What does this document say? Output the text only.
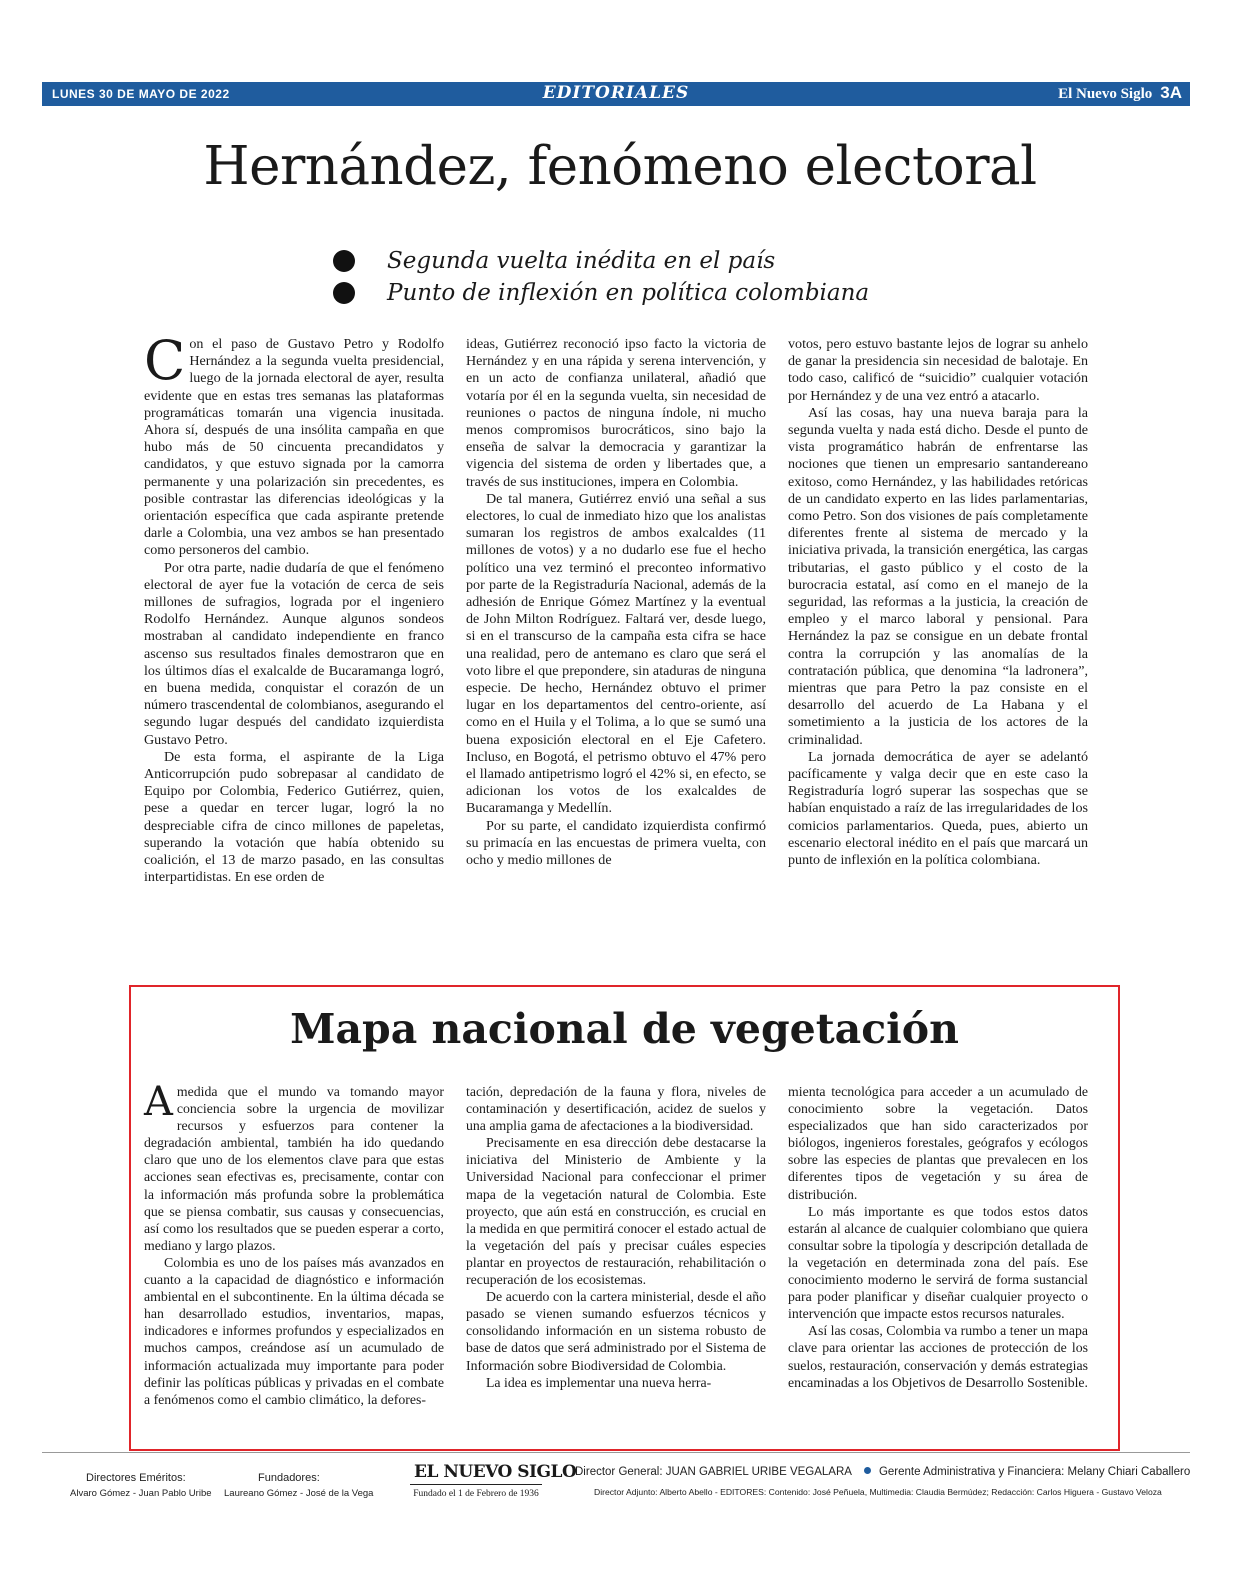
LUNES 30 DE MAYO DE 2022	EDITORIALES	El Nuevo Siglo 3A
Hernández, fenómeno electoral
Segunda vuelta inédita en el país
Punto de inflexión en política colombiana

Con el paso de Gustavo Petro y Rodolfo Hernández a la segunda vuelta presidencial, luego de la jornada electoral de ayer, resulta evidente que en estas tres semanas las plataformas programáticas tomarán una vigencia inusitada. Ahora sí, después de una insólita campaña en que hubo más de 50 cincuenta precandidatos y candidatos, y que estuvo signada por la camorra permanente y una polarización sin precedentes, es posible contrastar las diferencias ideológicas y la orientación específica que cada aspirante pretende darle a Colombia, una vez ambos se han presentado como personeros del cambio.

Por otra parte, nadie dudaría de que el fenómeno electoral de ayer fue la votación de cerca de seis millones de sufragios, lograda por el ingeniero Rodolfo Hernández. Aunque algunos sondeos mostraban al candidato independiente en franco ascenso sus resultados finales demostraron que en los últimos días el exalcalde de Bucaramanga logró, en buena medida, conquistar el corazón de un número trascendental de colombianos, asegurando el segundo lugar después del candidato izquierdista Gustavo Petro.

De esta forma, el aspirante de la Liga Anticorrupción pudo sobrepasar al candidato de Equipo por Colombia, Federico Gutiérrez, quien, pese a quedar en tercer lugar, logró la no despreciable cifra de cinco millones de papeletas, superando la votación que había obtenido su coalición, el 13 de marzo pasado, en las consultas interpartidistas. En ese orden de

ideas, Gutiérrez reconoció ipso facto la victoria de Hernández y en una rápida y serena intervención, y en un acto de confianza unilateral, añadió que votaría por él en la segunda vuelta, sin necesidad de reuniones o pactos de ninguna índole, ni mucho menos compromisos burocráticos, sino bajo la enseña de salvar la democracia y garantizar la vigencia del sistema de orden y libertades que, a través de sus instituciones, impera en Colombia.

De tal manera, Gutiérrez envió una señal a sus electores, lo cual de inmediato hizo que los analistas sumaran los registros de ambos exalcaldes (11 millones de votos) y a no dudarlo ese fue el hecho político una vez terminó el preconteo informativo por parte de la Registraduría Nacional, además de la adhesión de Enrique Gómez Martínez y la eventual de John Milton Rodríguez. Faltará ver, desde luego, si en el transcurso de la campaña esta cifra se hace una realidad, pero de antemano es claro que será el voto libre el que prepondere, sin ataduras de ninguna especie. De hecho, Hernández obtuvo el primer lugar en los departamentos del centro-oriente, así como en el Huila y el Tolima, a lo que se sumó una buena exposición electoral en el Eje Cafetero. Incluso, en Bogotá, el petrismo obtuvo el 47% pero el llamado antipetrismo logró el 42% si, en efecto, se adicionan los votos de los exalcaldes de Bucaramanga y Medellín.

Por su parte, el candidato izquierdista confirmó su primacía en las encuestas de primera vuelta, con ocho y medio millones de

votos, pero estuvo bastante lejos de lograr su anhelo de ganar la presidencia sin necesidad de balotaje. En todo caso, calificó de “suicidio” cualquier votación por Hernández y de una vez entró a atacarlo.

Así las cosas, hay una nueva baraja para la segunda vuelta y nada está dicho. Desde el punto de vista programático habrán de enfrentarse las nociones que tienen un empresario santandereano exitoso, como Hernández, y las habilidades retóricas de un candidato experto en las lides parlamentarias, como Petro. Son dos visiones de país completamente diferentes frente al sistema de mercado y la iniciativa privada, la transición energética, las cargas tributarias, el gasto público y el costo de la burocracia estatal, así como en el manejo de la seguridad, las reformas a la justicia, la creación de empleo y el marco laboral y pensional. Para Hernández la paz se consigue en un debate frontal contra la corrupción y las anomalías de la contratación pública, que denomina “la ladronera”, mientras que para Petro la paz consiste en el desarrollo del acuerdo de La Habana y el sometimiento a la justicia de los actores de la criminalidad.

La jornada democrática de ayer se adelantó pacíficamente y valga decir que en este caso la Registraduría logró superar las sospechas que se habían enquistado a raíz de las irregularidades de los comicios parlamentarios. Queda, pues, abierto un escenario electoral inédito en el país que marcará un punto de inflexión en la política colombiana.

Mapa nacional de vegetación

Amedida que el mundo va tomando mayor conciencia sobre la urgencia de movilizar recursos y esfuerzos para contener la degradación ambiental, también ha ido quedando claro que uno de los elementos clave para que estas acciones sean efectivas es, precisamente, contar con la información más profunda sobre la problemática que se piensa combatir, sus causas y consecuencias, así como los resultados que se pueden esperar a corto, mediano y largo plazos.

Colombia es uno de los países más avanzados en cuanto a la capacidad de diagnóstico e información ambiental en el subcontinente. En la última década se han desarrollado estudios, inventarios, mapas, indicadores e informes profundos y especializados en muchos campos, creándose así un acumulado de información actualizada muy importante para poder definir las políticas públicas y privadas en el combate a fenómenos como el cambio climático, la defores-

tación, depredación de la fauna y flora, niveles de contaminación y desertificación, acidez de suelos y una amplia gama de afectaciones a la biodiversidad.

Precisamente en esa dirección debe destacarse la iniciativa del Ministerio de Ambiente y la Universidad Nacional para confeccionar el primer mapa de la vegetación natural de Colombia. Este proyecto, que aún está en construcción, es crucial en la medida en que permitirá conocer el estado actual de la vegetación del país y precisar cuáles especies plantar en proyectos de restauración, rehabilitación o recuperación de los ecosistemas.

De acuerdo con la cartera ministerial, desde el año pasado se vienen sumando esfuerzos técnicos y consolidando información en un sistema robusto de base de datos que será administrado por el Sistema de Información sobre Biodiversidad de Colombia.

La idea es implementar una nueva herra-

mienta tecnológica para acceder a un acumulado de conocimiento sobre la vegetación. Datos especializados que han sido caracterizados por biólogos, ingenieros forestales, geógrafos y ecólogos sobre las especies de plantas que prevalecen en los diferentes tipos de vegetación y su área de distribución.

Lo más importante es que todos estos datos estarán al alcance de cualquier colombiano que quiera consultar sobre la tipología y descripción detallada de la vegetación en determinada zona del país. Ese conocimiento moderno le servirá de forma sustancial para poder planificar y diseñar cualquier proyecto o intervención que impacte estos recursos naturales.

Así las cosas, Colombia va rumbo a tener un mapa clave para orientar las acciones de protección de los suelos, restauración, conservación y demás estrategias encaminadas a los Objetivos de Desarrollo Sostenible.

Directores Eméritos:
Alvaro Gómez - Juan Pablo Uribe
Fundadores:
Laureano Gómez - José de la Vega
EL NUEVO SIGLO
Fundado el 1 de Febrero de 1936
Director General: JUAN GABRIEL URIBE VEGALARA Gerente Administrativa y Financiera: Melany Chiari Caballero
Director Adjunto: Alberto Abello - EDITORES: Contenido: José Peñuela, Multimedia: Claudia Bermúdez; Redacción: Carlos Higuera - Gustavo Veloza
